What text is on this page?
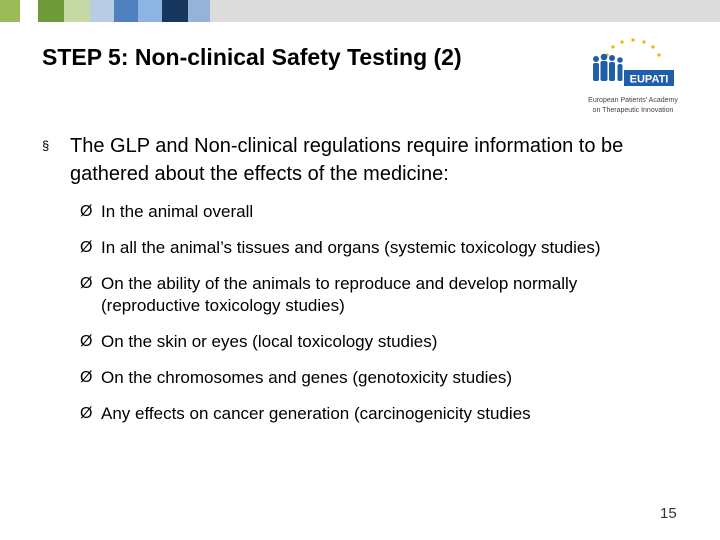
STEP 5: Non-clinical Safety Testing (2)
EUPATI
European Patients' Academy
on Therapeutic Innovation
§ The GLP and Non-clinical regulations require information to be gathered about the effects of the medicine:
Ø In the animal overall
Ø In all the animal’s tissues and organs (systemic toxicology studies)
Ø On the ability of the animals to reproduce and develop normally (reproductive toxicology studies)
Ø On the skin or eyes (local toxicology studies)
Ø On the chromosomes and genes (genotoxicity studies)
Ø Any effects on cancer generation (carcinogenicity studies
15
